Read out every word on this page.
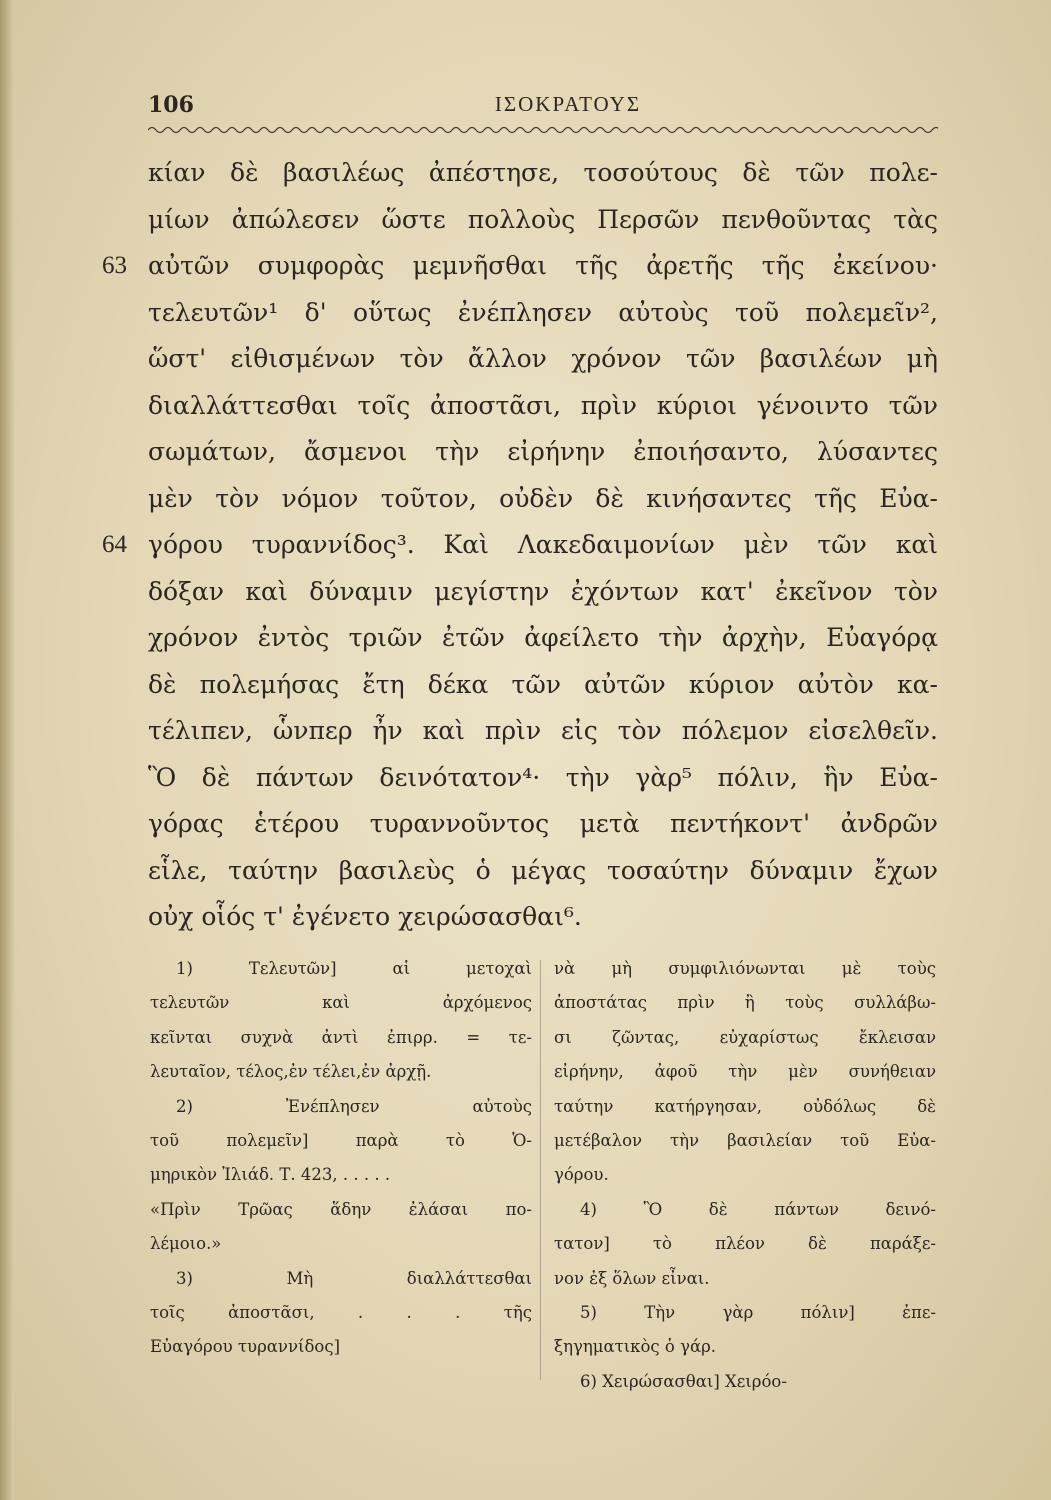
106	ΙΣΟΚΡΑΤΟΥΣ
κίαν δὲ βασιλέως ἀπέστησε, τοσούτους δὲ τῶν πολε-
μίων ἀπώλεσεν ὥστε πολλοὺς Περσῶν πενθοῦντας τὰς
63 αὐτῶν συμφορὰς μεμνῆσθαι τῆς ἀρετῆς τῆς ἐκείνου·
τελευτῶν¹ δ' οὕτως ἐνέπλησεν αὐτοὺς τοῦ πολεμεῖν²,
ὥστ' εἰθισμένων τὸν ἄλλον χρόνον τῶν βασιλέων μὴ
διαλλάττεσθαι τοῖς ἀποστᾶσι, πρὶν κύριοι γένοιντο τῶν
σωμάτων, ἄσμενοι τὴν εἰρήνην ἐποιήσαντο, λύσαντες
μὲν τὸν νόμον τοῦτον, οὐδὲν δὲ κινήσαντες τῆς Εὐα-
64 γόρου τυραννίδος³. Καὶ Λακεδαιμονίων μὲν τῶν καὶ
δόξαν καὶ δύναμιν μεγίστην ἐχόντων κατ' ἐκεῖνον τὸν
χρόνον ἐντὸς τριῶν ἐτῶν ἀφείλετο τὴν ἀρχὴν, Εὐαγόρᾳ
δὲ πολεμήσας ἔτη δέκα τῶν αὐτῶν κύριον αὐτὸν κα-
τέλιπεν, ὧνπερ ἦν καὶ πρὶν εἰς τὸν πόλεμον εἰσελθεῖν.
Ὃ δὲ πάντων δεινότατον⁴· τὴν γὰρ⁵ πόλιν, ἣν Εὐα-
γόρας ἑτέρου τυραννοῦντος μετὰ πεντήκοντ' ἀνδρῶν
εἷλε, ταύτην βασιλεὺς ὁ μέγας τοσαύτην δύναμιν ἔχων
οὐχ οἷός τ' ἐγένετο χειρώσασθαι⁶.
1) Τελευτῶν] αἱ μετοχαὶ
τελευτῶν καὶ ἀρχόμενος
κεῖνται συχνὰ ἀντὶ ἐπιρρ. = τε-
λευταῖον, τέλος,ἐν τέλει,ἐν ἀρχῇ.
2) Ἐνέπλησεν αὐτοὺς
τοῦ πολεμεῖν] παρὰ τὸ Ὁ-
μηρικὸν Ἰλιάδ. Τ. 423, . . . . .
«Πρὶν Τρῶας ἅδην ἐλάσαι πο-
λέμοιο.»
3) Μὴ διαλλάττεσθαι
τοῖς ἀποστᾶσι, . . . τῆς
Εὐαγόρου τυραννίδος]
νὰ μὴ συμφιλιόνωνται μὲ τοὺς
ἀποστάτας πρὶν ἢ τοὺς συλλάβω-
σι ζῶντας, εὐχαρίστως ἔκλεισαν
εἰρήνην, ἀφοῦ τὴν μὲν συνήθειαν
ταύτην κατήργησαν, οὐδόλως δὲ
μετέβαλον τὴν βασιλείαν τοῦ Εὐα-
γόρου.
4) Ὃ δὲ πάντων δεινό-
τατον] τὸ πλέον δὲ παράξε-
νον ἐξ ὅλων εἶναι.
5) Τὴν γὰρ πόλιν] ἐπε-
ξηγηματικὸς ὁ γάρ.
6) Χειρώσασθαι] Χειρόο-
